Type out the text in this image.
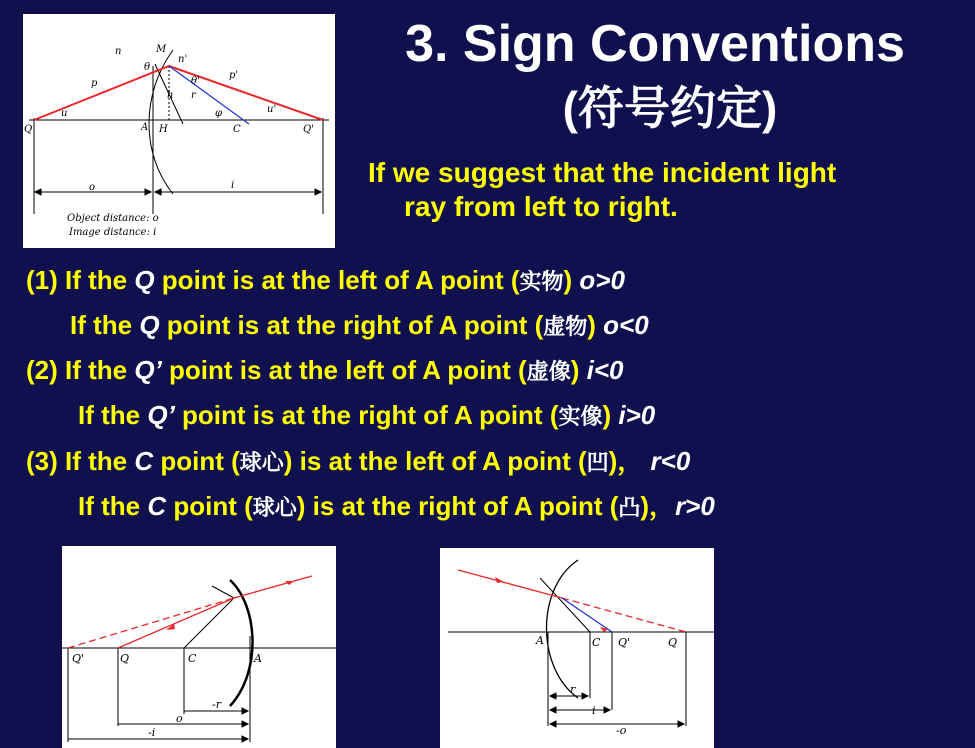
3. Sign Conventions
(符号约定)
If we suggest that the incident light
ray from left to right.
(1) If the Q point is at the left of A point (实物) o>0
If the Q point is at the right of A point (虚物) o<0
(2) If the Q’ point is at the left of A point (虚像) i<0
If the Q’ point is at the right of A point (实像) i>0
(3) If the C point (球心) is at the left of A point (凹)， r<0
If the C point (球心) is at the right of A point (凸)，r>0
n	M
n'
θ
p	θ'
p'
h r
u	u'
φ
Q	A H	C	Q'
o	i
Object distance: o
Image distance: i
Q'	Q	C	A
-r
o
-i
A	C Q'	Q
r
i
-o
